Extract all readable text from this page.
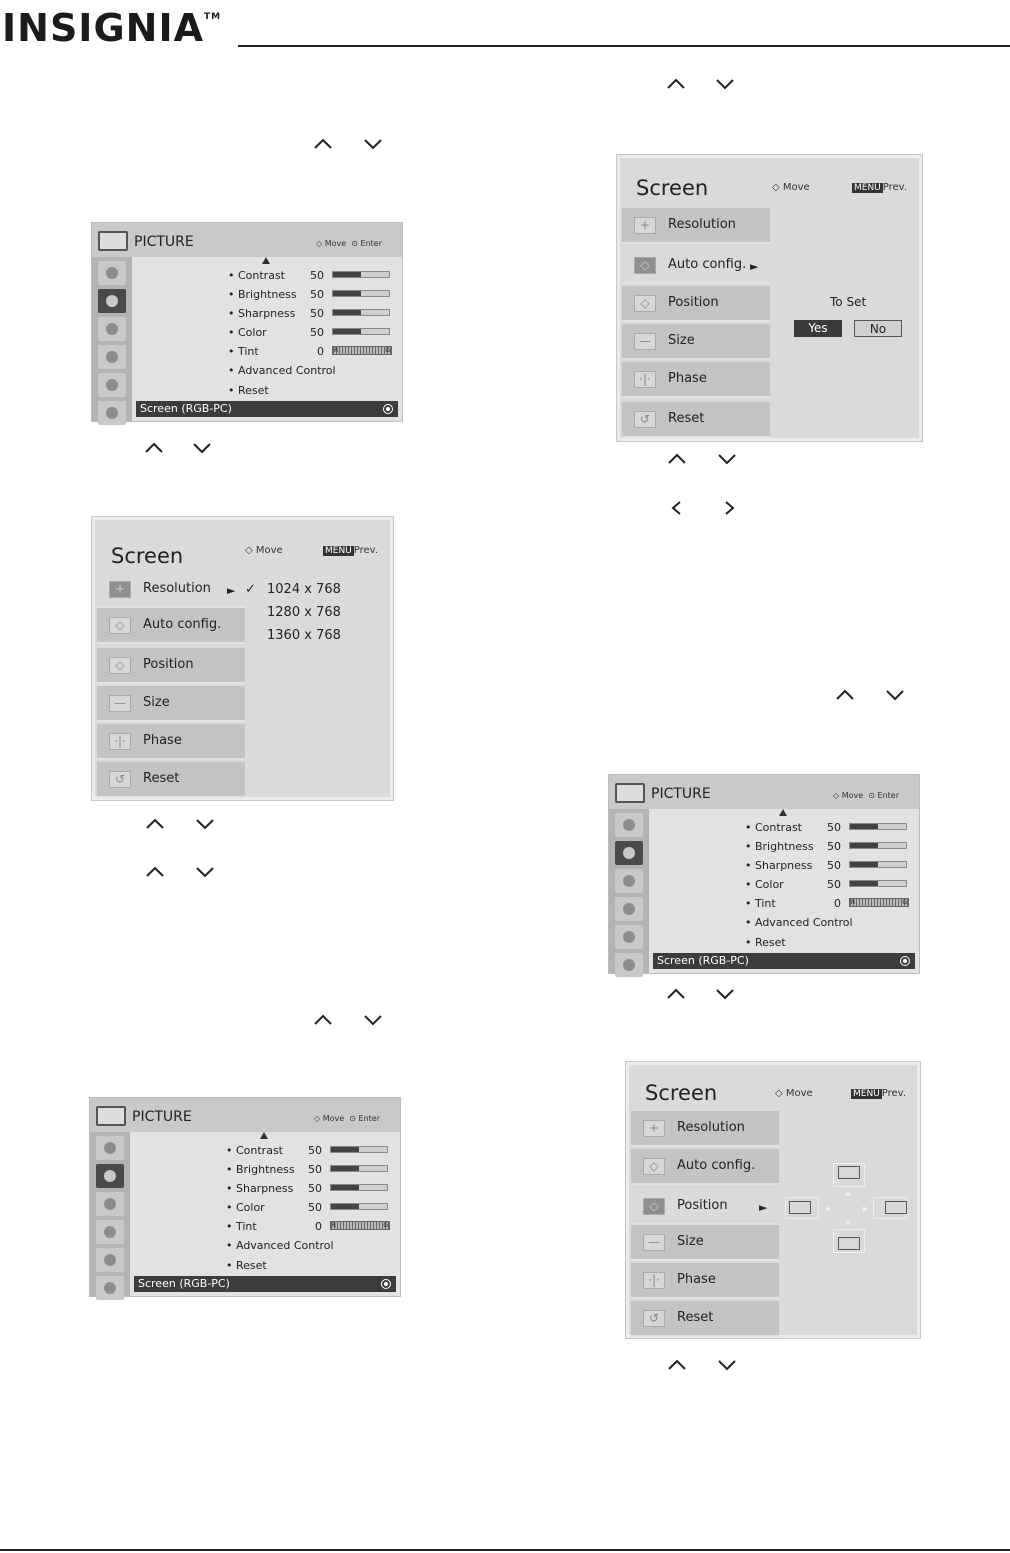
INSIGNIA™
PICTURE	◇ Move  ⊙ Enter
• Contrast	50
• Brightness	50
• Sharpness	50
• Color	50
• Tint	0 R	G
• Advanced Control
• Reset
Screen (RGB-PC)
PICTURE	◇ Move  ⊙ Enter
• Contrast	50
• Brightness	50
• Sharpness	50
• Color	50
• Tint	0 R	G
• Advanced Control
• Reset
Screen (RGB-PC)
PICTURE	◇ Move  ⊙ Enter
• Contrast	50
• Brightness	50
• Sharpness	50
• Color	50
• Tint	0 R	G
• Advanced Control
• Reset
Screen (RGB-PC)
Screen	◇ Move	MENU Prev.
+	Resolution ►
◇	Auto config.
◇	Position
—	Size
·|·	Phase
↺	Reset
✓ 1024 x 768
1280 x 768
1360 x 768
Screen	◇ Move	MENU Prev.
+	Resolution
◇	Auto config. ►
◇	Position
—	Size
·|·	Phase
↺	Reset
To Set
Yes	No
Screen	◇ Move	MENU Prev.
+	Resolution
◇	Auto config.
◇	Position	►
—	Size
·|·	Phase
↺	Reset
